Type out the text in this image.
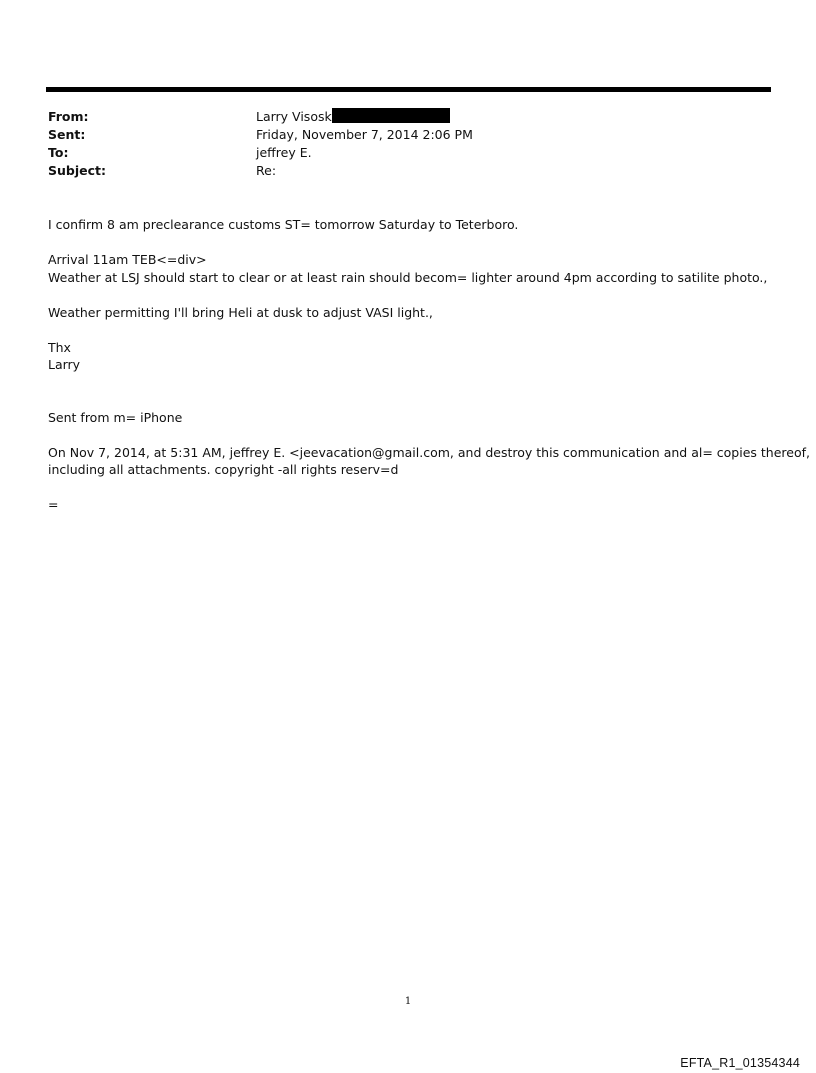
From:	Larry Visosk
Sent:	Friday, November 7, 2014 2:06 PM
To:	jeffrey E.
Subject:	Re:

I confirm 8 am preclearance customs ST= tomorrow Saturday to Teterboro.

Arrival 11am TEB<=div>

Weather at LSJ should start to clear or at least rain should becom= lighter around 4pm according to satilite photo.,

Weather permitting I'll bring Heli at dusk to adjust VASI light.,

Thx

Larry

Sent from m= iPhone

On Nov 7, 2014, at 5:31 AM, jeffrey E. <jeevacation@gmail.com, and destroy this communication and al= copies thereof,

including all attachments. copyright -all rights reserv=d

=

1
EFTA_R1_01354344
